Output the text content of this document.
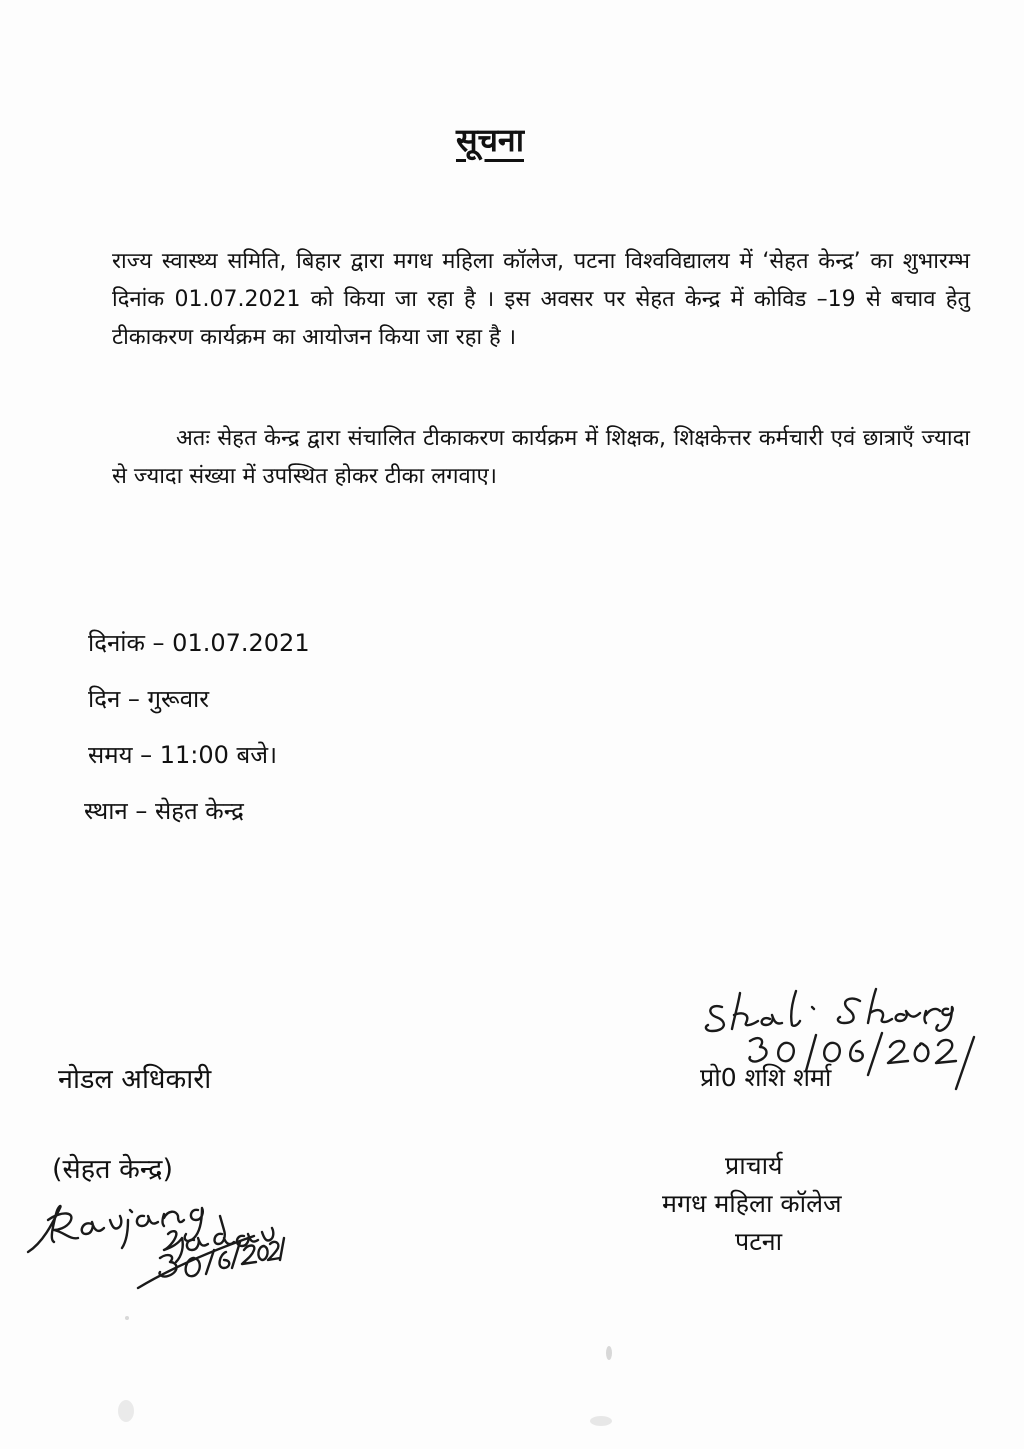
सूचना
राज्य स्वास्थ्य समिति, बिहार द्वारा मगध महिला कॉलेज, पटना विश्वविद्यालय में ‘सेहत केन्द्र’ का शुभारम्भ दिनांक 01.07.2021 को किया जा रहा है । इस अवसर पर सेहत केन्द्र में कोविड –19 से बचाव हेतु टीकाकरण कार्यक्रम का आयोजन किया जा रहा है ।
अतः सेहत केन्द्र द्वारा संचालित टीकाकरण कार्यक्रम में शिक्षक, शिक्षकेत्तर कर्मचारी एवं छात्राएँ ज्यादा से ज्यादा संख्या में उपस्थित होकर टीका लगवाए।
दिनांक – 01.07.2021
दिन – गुरूवार
समय – 11:00 बजे।
स्थान – सेहत केन्द्र
प्रो0 शशि शर्मा
प्राचार्य
मगध महिला कॉलेज
पटना
नोडल अधिकारी
(सेहत केन्द्र)
